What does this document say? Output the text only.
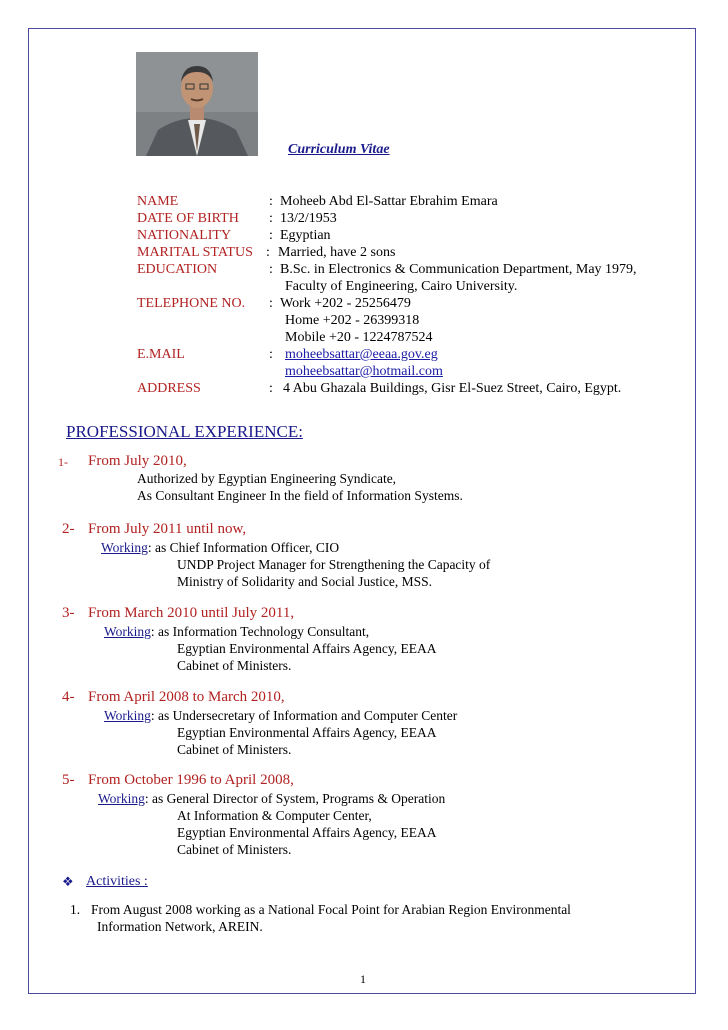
Curriculum Vitae
NAME	: Moheeb Abd El-Sattar Ebrahim Emara
DATE OF BIRTH : 13/2/1953
NATIONALITY	: Egyptian
MARITAL STATUS : Married, have 2 sons
EDUCATION	: B.Sc. in Electronics & Communication Department, May 1979,
Faculty of Engineering, Cairo University.
TELEPHONE NO. : Work +202 - 25256479
Home +202 - 26399318
Mobile +20 - 1224787524
E.MAIL	: moheebsattar@eeaa.gov.eg
moheebsattar@hotmail.com
ADDRESS	: 4 Abu Ghazala Buildings, Gisr El-Suez Street, Cairo, Egypt.
PROFESSIONAL EXPERIENCE:
1- From July 2010,
Authorized by Egyptian Engineering Syndicate,
As Consultant Engineer In the field of Information Systems.
2- From July 2011 until now,
Working: as Chief Information Officer, CIO
UNDP Project Manager for Strengthening the Capacity of
Ministry of Solidarity and Social Justice, MSS.
3- From March 2010 until July 2011,
Working: as Information Technology Consultant,
Egyptian Environmental Affairs Agency, EEAA
Cabinet of Ministers.
4- From April 2008 to March 2010,
Working: as Undersecretary of Information and Computer Center
Egyptian Environmental Affairs Agency, EEAA
Cabinet of Ministers.
5- From October 1996 to April 2008,
Working: as General Director of System, Programs & Operation
At Information & Computer Center,
Egyptian Environmental Affairs Agency, EEAA
Cabinet of Ministers.
❖ Activities :
1. From August 2008 working as a National Focal Point for Arabian Region Environmental
Information Network, AREIN.
1
